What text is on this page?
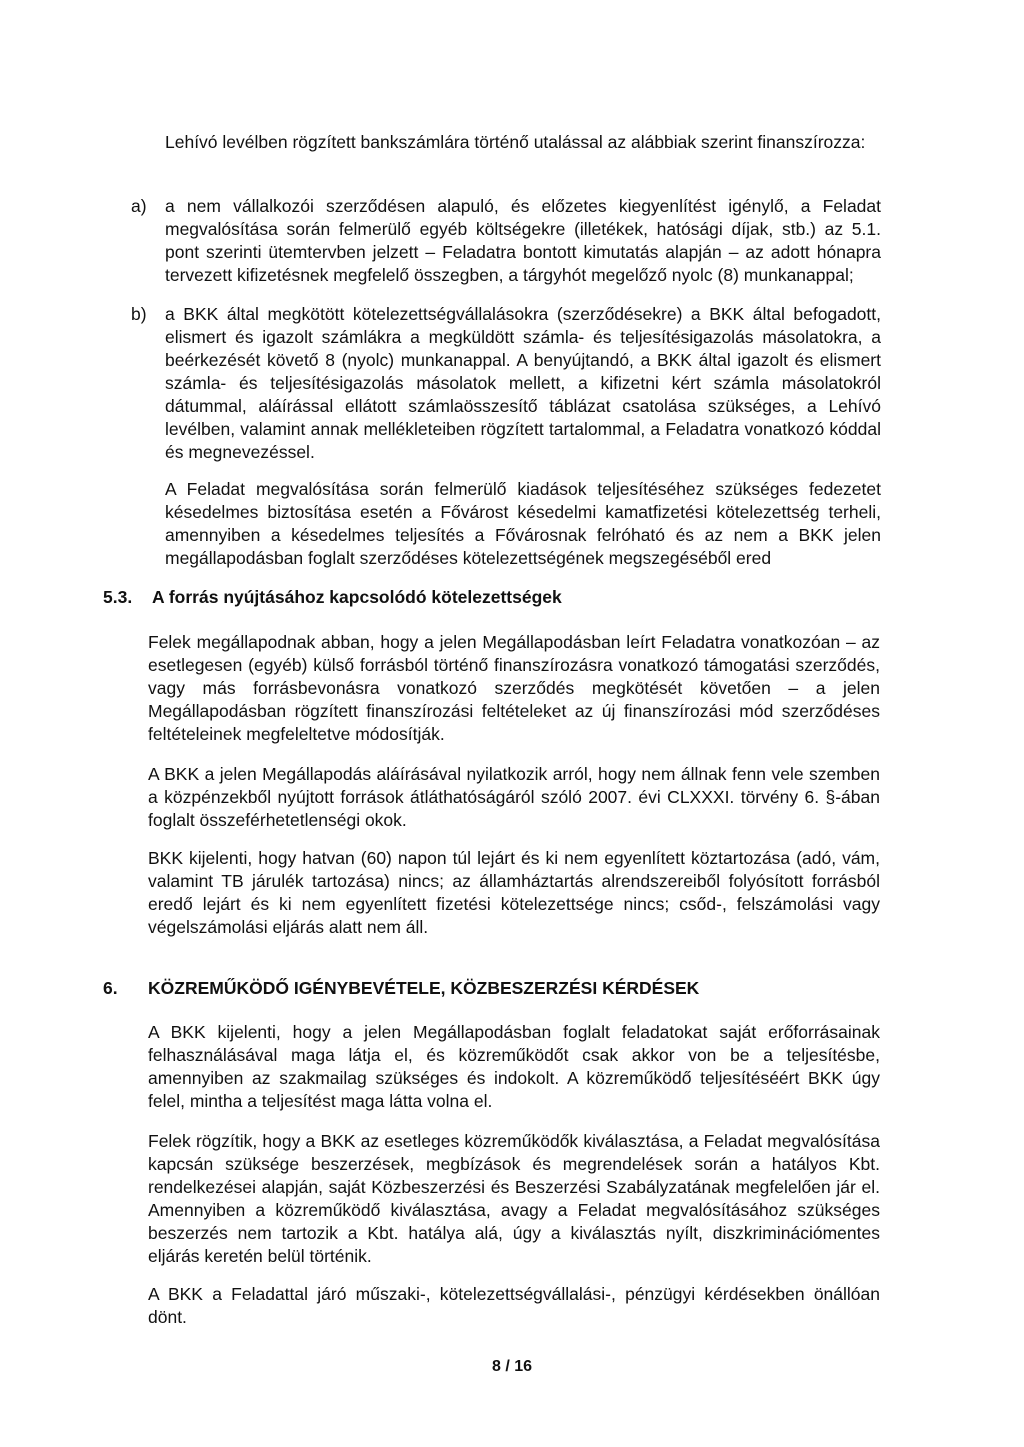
Lehívó levélben rögzített bankszámlára történő utalással az alábbiak szerint finanszírozza:
a) a nem vállalkozói szerződésen alapuló, és előzetes kiegyenlítést igénylő, a Feladat megvalósítása során felmerülő egyéb költségekre (illetékek, hatósági díjak, stb.) az 5.1. pont szerinti ütemtervben jelzett – Feladatra bontott kimutatás alapján – az adott hónapra tervezett kifizetésnek megfelelő összegben, a tárgyhót megelőző nyolc (8) munkanappal;
b) a BKK által megkötött kötelezettségvállalásokra (szerződésekre) a BKK által befogadott, elismert és igazolt számlákra a megküldött számla- és teljesítésigazolás másolatokra, a beérkezését követő 8 (nyolc) munkanappal. A benyújtandó, a BKK által igazolt és elismert számla- és teljesítésigazolás másolatok mellett, a kifizetni kért számla másolatokról dátummal, aláírással ellátott számlaösszesítő táblázat csatolása szükséges, a Lehívó levélben, valamint annak mellékleteiben rögzített tartalommal, a Feladatra vonatkozó kóddal és megnevezéssel.
A Feladat megvalósítása során felmerülő kiadások teljesítéséhez szükséges fedezetet késedelmes biztosítása esetén a Fővárost késedelmi kamatfizetési kötelezettség terheli, amennyiben a késedelmes teljesítés a Fővárosnak felróható és az nem a BKK jelen megállapodásban foglalt szerződéses kötelezettségének megszegéséből ered
5.3. A forrás nyújtásához kapcsolódó kötelezettségek
Felek megállapodnak abban, hogy a jelen Megállapodásban leírt Feladatra vonatkozóan – az esetlegesen (egyéb) külső forrásból történő finanszírozásra vonatkozó támogatási szerződés, vagy más forrásbevonásra vonatkozó szerződés megkötését követően – a jelen Megállapodásban rögzített finanszírozási feltételeket az új finanszírozási mód szerződéses feltételeinek megfeleltetve módosítják.
A BKK a jelen Megállapodás aláírásával nyilatkozik arról, hogy nem állnak fenn vele szemben a közpénzekből nyújtott források átláthatóságáról szóló 2007. évi CLXXXI. törvény 6. §-ában foglalt összeférhetetlenségi okok.
BKK kijelenti, hogy hatvan (60) napon túl lejárt és ki nem egyenlített köztartozása (adó, vám, valamint TB járulék tartozása) nincs; az államháztartás alrendszereiből folyósított forrásból eredő lejárt és ki nem egyenlített fizetési kötelezettsége nincs; csőd-, felszámolási vagy végelszámolási eljárás alatt nem áll.
6. KÖZREMŰKÖDŐ IGÉNYBEVÉTELE, KÖZBESZERZÉSI KÉRDÉSEK
A BKK kijelenti, hogy a jelen Megállapodásban foglalt feladatokat saját erőforrásainak felhasználásával maga látja el, és közreműködőt csak akkor von be a teljesítésbe, amennyiben az szakmailag szükséges és indokolt. A közreműködő teljesítéséért BKK úgy felel, mintha a teljesítést maga látta volna el.
Felek rögzítik, hogy a BKK az esetleges közreműködők kiválasztása, a Feladat megvalósítása kapcsán szüksége beszerzések, megbízások és megrendelések során a hatályos Kbt. rendelkezései alapján, saját Közbeszerzési és Beszerzési Szabályzatának megfelelően jár el. Amennyiben a közreműködő kiválasztása, avagy a Feladat megvalósításához szükséges beszerzés nem tartozik a Kbt. hatálya alá, úgy a kiválasztás nyílt, diszkriminációmentes eljárás keretén belül történik.
A BKK a Feladattal járó műszaki-, kötelezettségvállalási-, pénzügyi kérdésekben önállóan dönt.
8 / 16
